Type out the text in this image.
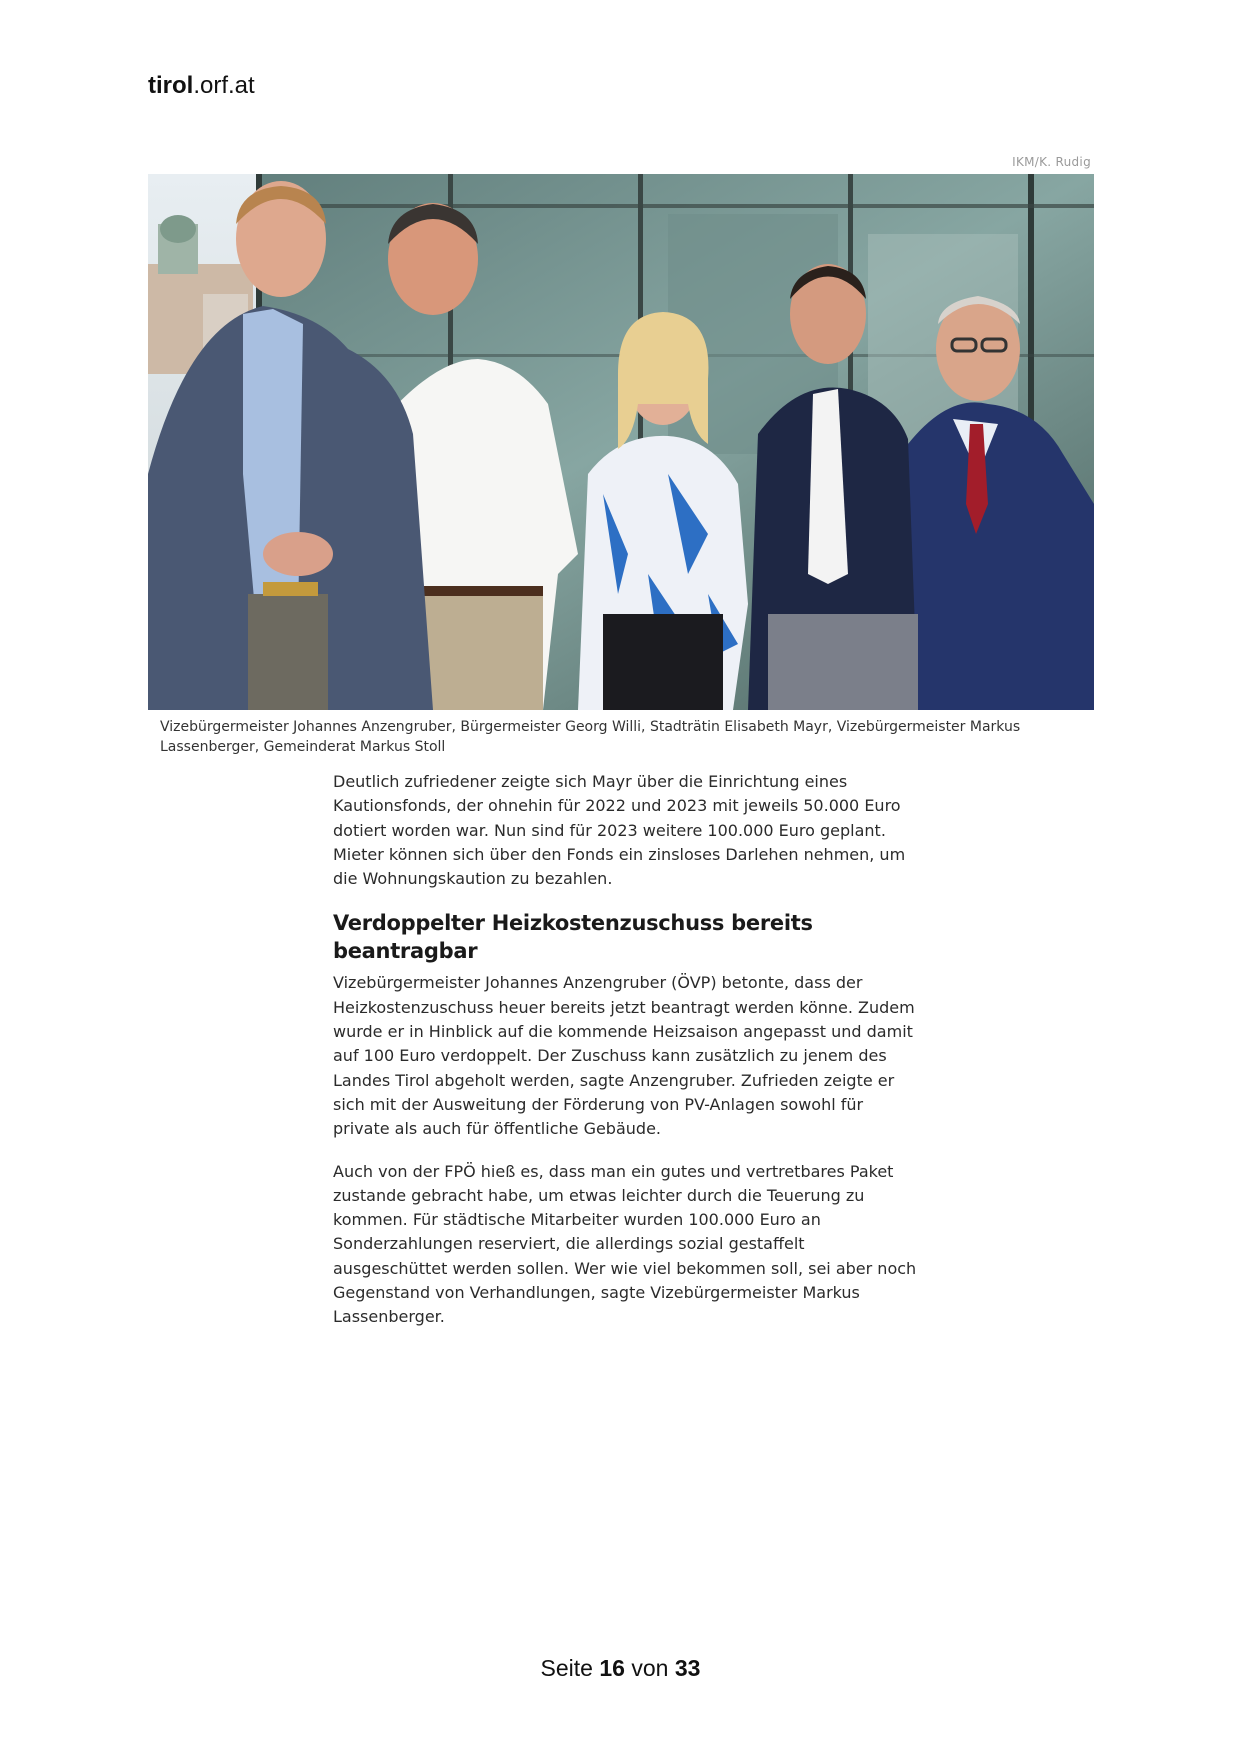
tirol.orf.at
IKM/K. Rudig
Vizebürgermeister Johannes Anzengruber, Bürgermeister Georg Willi, Stadträtin Elisabeth Mayr, Vizebürgermeister Markus Lassenberger, Gemeinderat Markus Stoll

Deutlich zufriedener zeigte sich Mayr über die Einrichtung eines Kautionsfonds, der ohnehin für 2022 und 2023 mit jeweils 50.000 Euro dotiert worden war. Nun sind für 2023 weitere 100.000 Euro geplant. Mieter können sich über den Fonds ein zinsloses Darlehen nehmen, um die Wohnungskaution zu bezahlen.

Verdoppelter Heizkostenzuschuss bereits beantragbar

Vizebürgermeister Johannes Anzengruber (ÖVP) betonte, dass der Heizkostenzuschuss heuer bereits jetzt beantragt werden könne. Zudem wurde er in Hinblick auf die kommende Heizsaison angepasst und damit auf 100 Euro verdoppelt. Der Zuschuss kann zusätzlich zu jenem des Landes Tirol abgeholt werden, sagte Anzengruber. Zufrieden zeigte er sich mit der Ausweitung der Förderung von PV-Anlagen sowohl für private als auch für öffentliche Gebäude.

Auch von der FPÖ hieß es, dass man ein gutes und vertretbares Paket zustande gebracht habe, um etwas leichter durch die Teuerung zu kommen. Für städtische Mitarbeiter wurden 100.000 Euro an Sonderzahlungen reserviert, die allerdings sozial gestaffelt ausgeschüttet werden sollen. Wer wie viel bekommen soll, sei aber noch Gegenstand von Verhandlungen, sagte Vizebürgermeister Markus Lassenberger.

Seite 16 von 33
